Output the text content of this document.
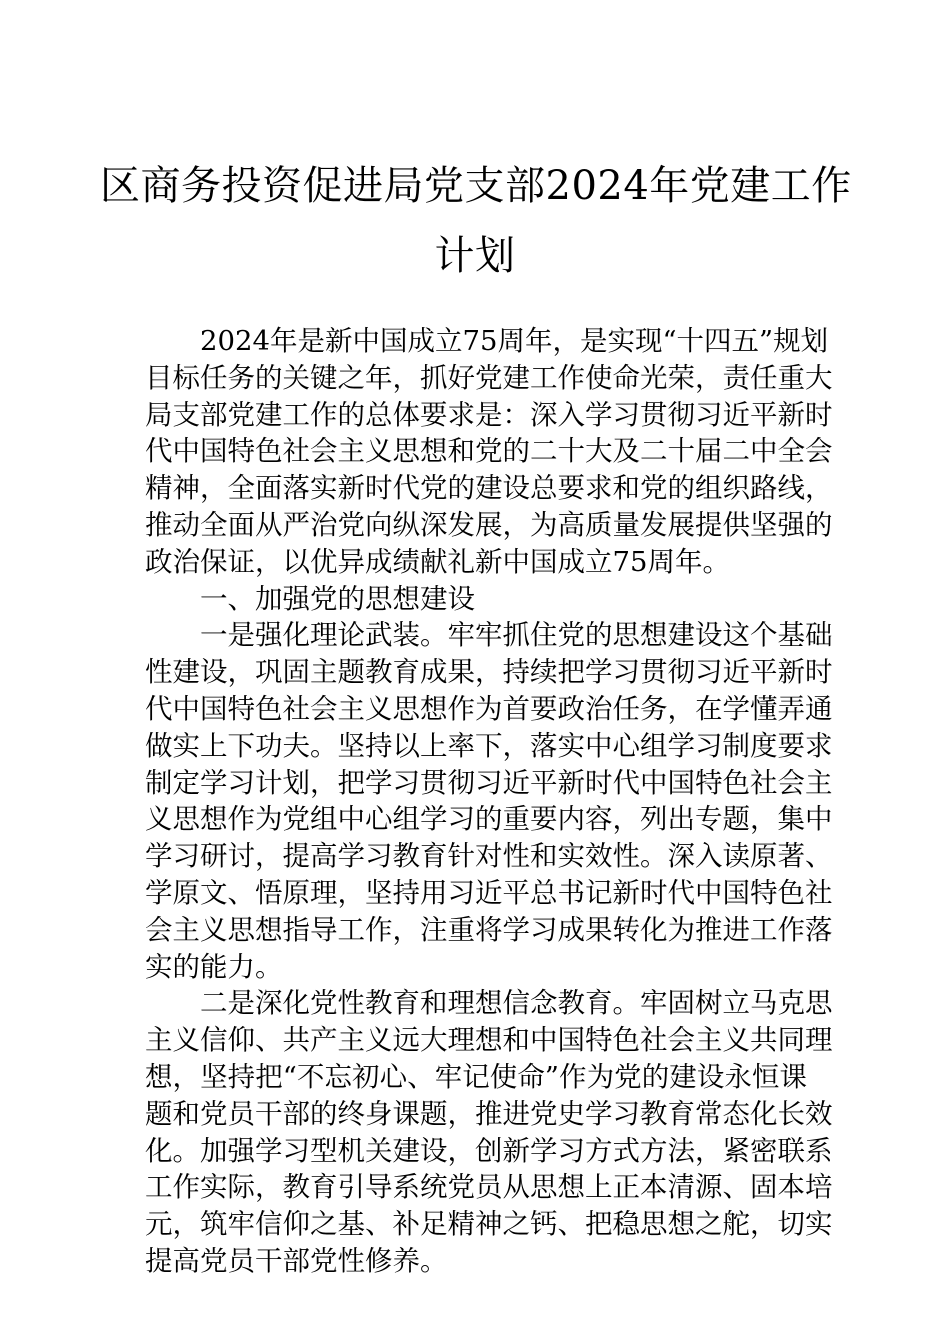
区商务投资促进局党支部2024年党建工作
计划
　　2024年是新中国成立75周年，是实现“十四五”规划
目标任务的关键之年，抓好党建工作使命光荣，责任重大
局支部党建工作的总体要求是：深入学习贯彻习近平新时
代中国特色社会主义思想和党的二十大及二十届二中全会
精神，全面落实新时代党的建设总要求和党的组织路线，
推动全面从严治党向纵深发展，为高质量发展提供坚强的
政治保证，以优异成绩献礼新中国成立75周年。
　　一、加强党的思想建设
　　一是强化理论武装。牢牢抓住党的思想建设这个基础
性建设，巩固主题教育成果，持续把学习贯彻习近平新时
代中国特色社会主义思想作为首要政治任务，在学懂弄通
做实上下功夫。坚持以上率下，落实中心组学习制度要求
制定学习计划，把学习贯彻习近平新时代中国特色社会主
义思想作为党组中心组学习的重要内容，列出专题，集中
学习研讨，提高学习教育针对性和实效性。深入读原著、
学原文、悟原理，坚持用习近平总书记新时代中国特色社
会主义思想指导工作，注重将学习成果转化为推进工作落
实的能力。
　　二是深化党性教育和理想信念教育。牢固树立马克思
主义信仰、共产主义远大理想和中国特色社会主义共同理
想，坚持把“不忘初心、牢记使命”作为党的建设永恒课
题和党员干部的终身课题，推进党史学习教育常态化长效
化。加强学习型机关建设，创新学习方式方法，紧密联系
工作实际，教育引导系统党员从思想上正本清源、固本培
元，筑牢信仰之基、补足精神之钙、把稳思想之舵，切实
提高党员干部党性修养。
